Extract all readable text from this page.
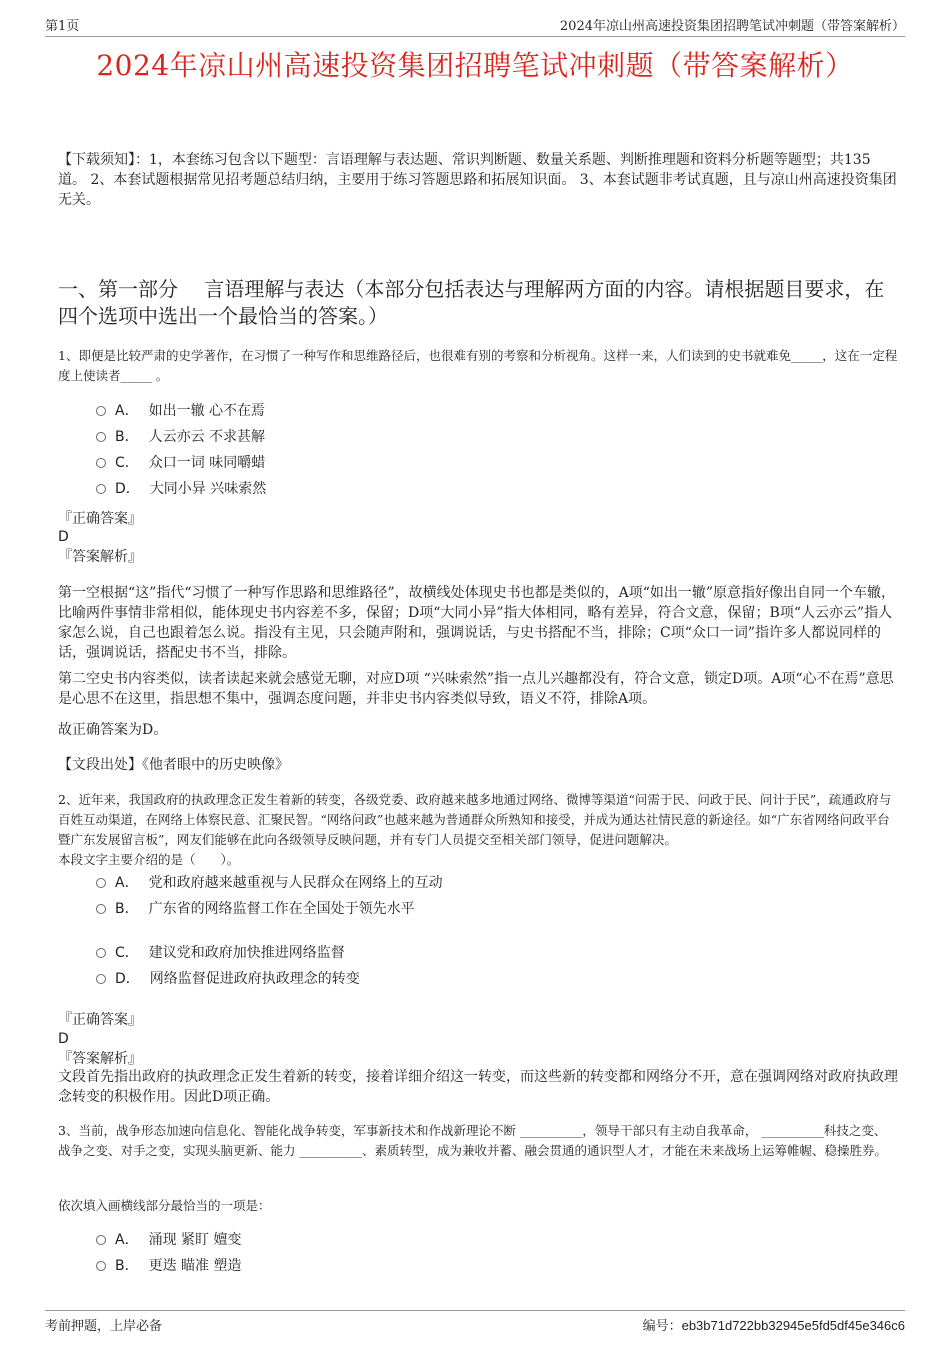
第1页	2024年凉山州高速投资集团招聘笔试冲刺题（带答案解析）
2024年凉山州高速投资集团招聘笔试冲刺题（带答案解析）

【下载须知】：1，本套练习包含以下题型：言语理解与表达题、常识判断题、数量关系题、判断推理题和资料分析题等题型；共135道。 2、本套试题根据常见招考题总结归纳，主要用于练习答题思路和拓展知识面。 3、本套试题非考试真题，且与凉山州高速投资集团无关。

一、第一部分　 言语理解与表达（本部分包括表达与理解两方面的内容。请根据题目要求，在四个选项中选出一个最恰当的答案。）

1、即便是比较严肃的史学著作，在习惯了一种写作和思维路径后，也很难有别的考察和分析视角。这样一来，人们读到的史书就难免_____，这在一定程度上使读者_____ 。

A． 如出一辙 心不在焉
B． 人云亦云 不求甚解
C． 众口一词 味同嚼蜡
D． 大同小异 兴味索然

『正确答案』

D

『答案解析』

第一空根据“这”指代“习惯了一种写作思路和思维路径”，故横线处体现史书也都是类似的，A项“如出一辙”原意指好像出自同一个车辙，比喻两件事情非常相似，能体现史书内容差不多，保留；D项“大同小异”指大体相同，略有差异，符合文意，保留；B项“人云亦云”指人家怎么说，自己也跟着怎么说。指没有主见，只会随声附和，强调说话，与史书搭配不当，排除；C项“众口一词”指许多人都说同样的话，强调说话，搭配史书不当，排除。

第二空史书内容类似，读者读起来就会感觉无聊，对应D项 “兴味索然”指一点儿兴趣都没有，符合文意，锁定D项。A项“心不在焉”意思是心思不在这里，指思想不集中，强调态度问题，并非史书内容类似导致，语义不符，排除A项。

故正确答案为D。

【文段出处】《他者眼中的历史映像》

2、近年来，我国政府的执政理念正发生着新的转变，各级党委、政府越来越多地通过网络、微博等渠道“问需于民、问政于民、问计于民”，疏通政府与百姓互动渠道，在网络上体察民意、汇聚民智。“网络问政”也越来越为普通群众所熟知和接受，并成为通达社情民意的新途径。如“广东省网络问政平台暨广东发展留言板”，网友们能够在此向各级领导反映问题，并有专门人员提交至相关部门领导，促进问题解决。

本段文字主要介绍的是（　　）。

A． 党和政府越来越重视与人民群众在网络上的互动
B． 广东省的网络监督工作在全国处于领先水平
C． 建议党和政府加快推进网络监督
D． 网络监督促进政府执政理念的转变

『正确答案』

D

『答案解析』

文段首先指出政府的执政理念正发生着新的转变，接着详细介绍这一转变，而这些新的转变都和网络分不开，意在强调网络对政府执政理念转变的积极作用。因此D项正确。

3、当前，战争形态加速向信息化、智能化战争转变，军事新技术和作战新理论不断 __________，领导干部只有主动自我革命， __________科技之变、战争之变、对手之变，实现头脑更新、能力 __________、素质转型，成为兼收并蓄、融会贯通的通识型人才，才能在未来战场上运筹帷幄、稳操胜券。

依次填入画横线部分最恰当的一项是：

A． 涌现 紧盯 嬗变
B． 更迭 瞄准 塑造
考前押题，上岸必备	编号：eb3b71d722bb32945e5fd5df45e346c6
